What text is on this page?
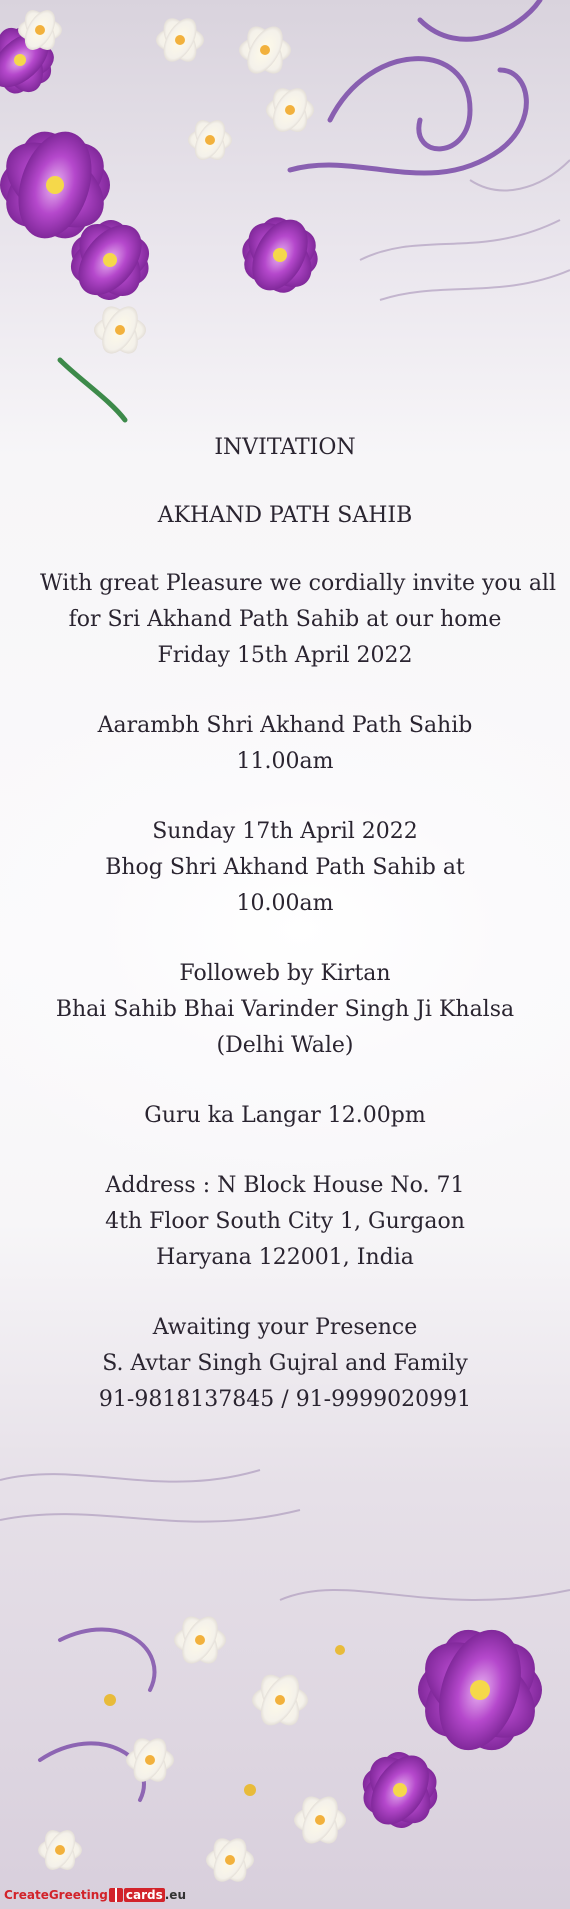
INVITATION
AKHAND PATH SAHIB
With great Pleasure we cordially invite you all
for Sri Akhand Path Sahib at our home
Friday 15th April 2022
Aarambh Shri Akhand Path Sahib
11.00am
Sunday 17th April 2022
Bhog Shri Akhand Path Sahib at
10.00am
Followeb by Kirtan
Bhai Sahib Bhai Varinder Singh Ji Khalsa
(Delhi Wale)
Guru ka Langar 12.00pm
Address : N Block House No. 71
4th Floor South City 1, Gurgaon
Haryana 122001, India
Awaiting your Presence
S. Avtar Singh Gujral and Family
91-9818137845 / 91-9999020991
CreateGreeting cards .eu
